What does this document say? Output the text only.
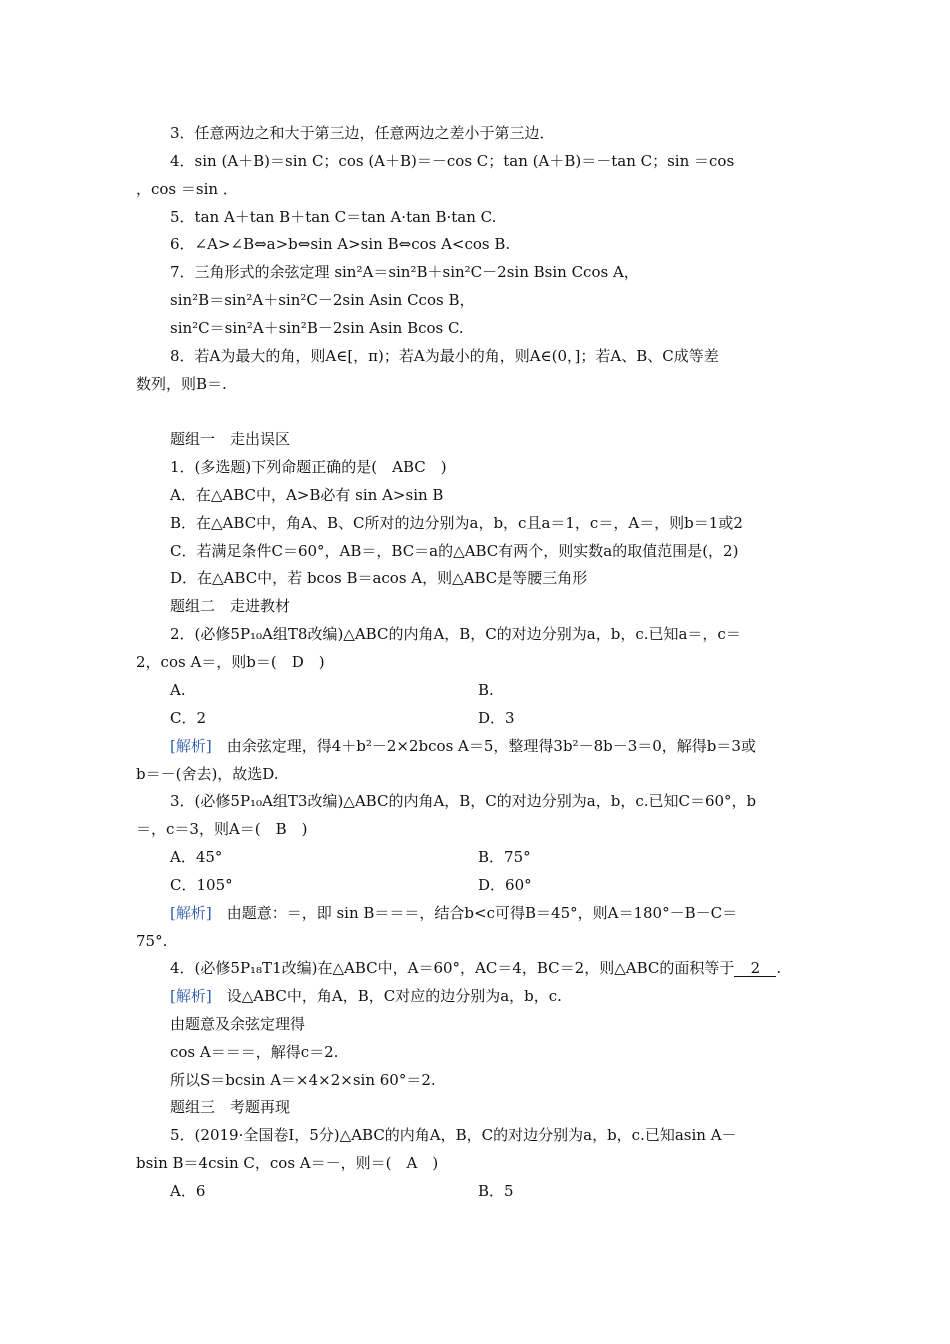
3．任意两边之和大于第三边，任意两边之差小于第三边．
4．sin (A＋B)＝sin C；cos (A＋B)＝－cos C；tan (A＋B)＝－tan C；sin ＝cos
，cos ＝sin ．
5．tan A＋tan B＋tan C＝tan A·tan B·tan C.
6．∠A>∠B⇔a>b⇔sin A>sin B⇔cos A<cos B.
7．三角形式的余弦定理 sin²A＝sin²B＋sin²C－2sin Bsin Ccos A，
sin²B＝sin²A＋sin²C－2sin Asin Ccos B，
sin²C＝sin²A＋sin²B－2sin Asin Bcos C.
8．若A为最大的角，则A∈[，π)；若A为最小的角，则A∈(0，]；若A、B、C成等差
数列，则B＝.
题组一　走出误区
1．(多选题)下列命题正确的是(　ABC　)
A．在△ABC中，A>B必有 sin A>sin B
B．在△ABC中，角A、B、C所对的边分别为a，b，c且a＝1，c＝，A＝，则b＝1或2
C．若满足条件C＝60°，AB＝，BC＝a的△ABC有两个，则实数a的取值范围是(，2)
D．在△ABC中，若 bcos B＝acos A，则△ABC是等腰三角形
题组二　走进教材
2．(必修5P₁₀A组T8改编)△ABC的内角A，B，C的对边分别为a，b，c.已知a＝，c＝
2，cos A＝，则b＝(　D　)
A.	B.
C．2	D．3
[解析]　由余弦定理，得4＋b²－2×2bcos A＝5，整理得3b²－8b－3＝0，解得b＝3或
b＝－(舍去)，故选D.
3．(必修5P₁₀A组T3改编)△ABC的内角A，B，C的对边分别为a，b，c.已知C＝60°，b
＝，c＝3，则A＝(　B　)
A．45°	B．75°
C．105°	D．60°
[解析]　由题意：＝，即 sin B＝＝＝，结合b<c可得B＝45°，则A＝180°－B－C＝
75°.
4．(必修5P₁₈T1改编)在△ABC中，A＝60°，AC＝4，BC＝2，则△ABC的面积等于 2 .
[解析]　设△ABC中，角A，B，C对应的边分别为a，b，c.
由题意及余弦定理得
cos A＝＝＝，解得c＝2.
所以S＝bcsin A＝×4×2×sin 60°＝2.
题组三　考题再现
5．(2019·全国卷Ⅰ，5分)△ABC的内角A，B，C的对边分别为a，b，c.已知asin A－
bsin B＝4csin C，cos A＝－，则＝(　A　)
A．6	B．5
